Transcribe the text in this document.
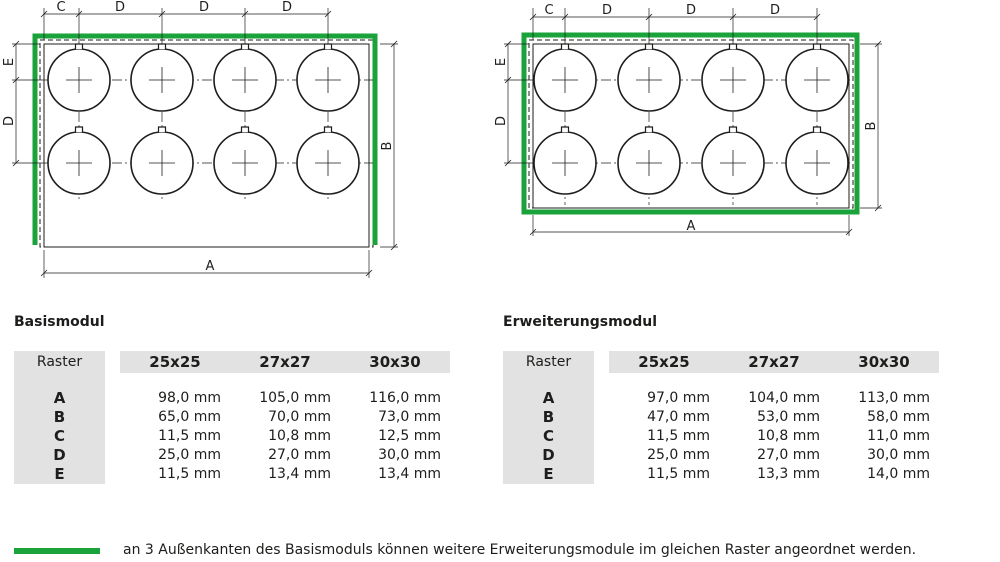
C	D	D	D
A
B
E
D
C	D	D	D
A
B
E
D
Basismodul
Raster		25x25	27x27	30x30

A		98,0 mm	105,0 mm	116,0 mm
B		65,0 mm	70,0 mm	73,0 mm
C		11,5 mm	10,8 mm	12,5 mm
D		25,0 mm	27,0 mm	30,0 mm
E		11,5 mm	13,4 mm	13,4 mm
Erweiterungsmodul
Raster		25x25	27x27	30x30

A		97,0 mm	104,0 mm	113,0 mm
B		47,0 mm	53,0 mm	58,0 mm
C		11,5 mm	10,8 mm	11,0 mm
D		25,0 mm	27,0 mm	30,0 mm
E		11,5 mm	13,3 mm	14,0 mm
an 3 Außenkanten des Basismoduls können weitere Erweiterungsmodule im gleichen Raster angeordnet werden.
